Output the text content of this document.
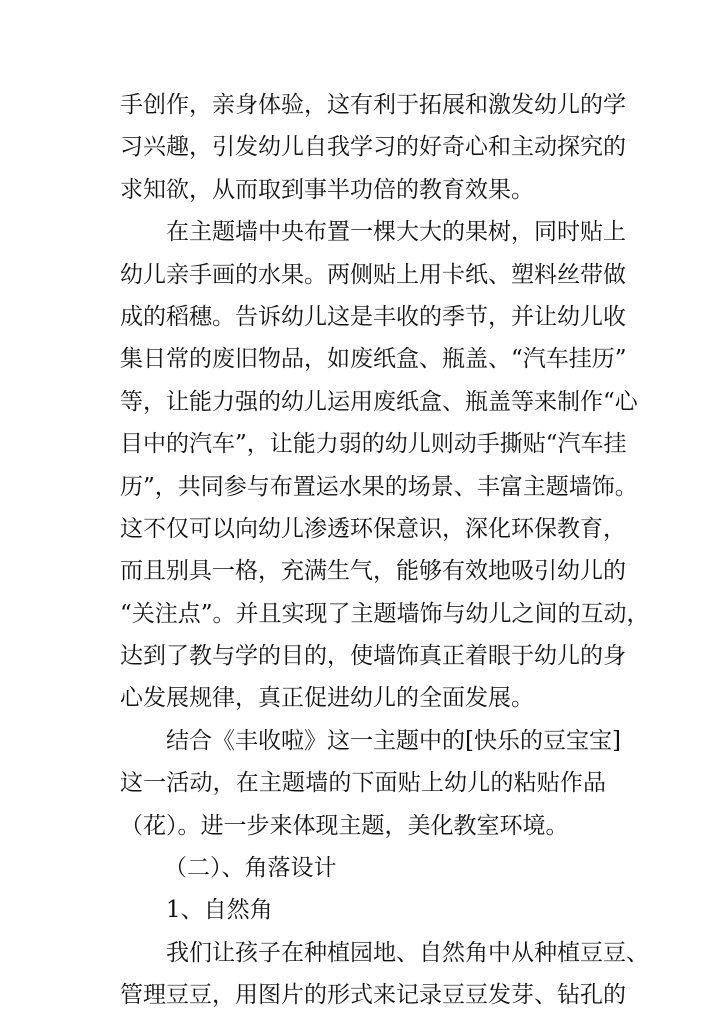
手创作，亲身体验，这有利于拓展和激发幼儿的学
习兴趣，引发幼儿自我学习的好奇心和主动探究的
求知欲，从而取到事半功倍的教育效果。
在主题墙中央布置一棵大大的果树，同时贴上
幼儿亲手画的水果。两侧贴上用卡纸、塑料丝带做
成的稻穗。告诉幼儿这是丰收的季节，并让幼儿收
集日常的废旧物品，如废纸盒、瓶盖、“汽车挂历”
等，让能力强的幼儿运用废纸盒、瓶盖等来制作“心
目中的汽车”，让能力弱的幼儿则动手撕贴“汽车挂
历”，共同参与布置运水果的场景、丰富主题墙饰。
这不仅可以向幼儿渗透环保意识，深化环保教育，
而且别具一格，充满生气，能够有效地吸引幼儿的
“关注点”。并且实现了主题墙饰与幼儿之间的互动，
达到了教与学的目的，使墙饰真正着眼于幼儿的身
心发展规律，真正促进幼儿的全面发展。
结合《丰收啦》这一主题中的[快乐的豆宝宝]
这一活动，在主题墙的下面贴上幼儿的粘贴作品
（花）。进一步来体现主题，美化教室环境。
（二）、角落设计
1、自然角
我们让孩子在种植园地、自然角中从种植豆豆、
管理豆豆，用图片的形式来记录豆豆发芽、钻孔的
